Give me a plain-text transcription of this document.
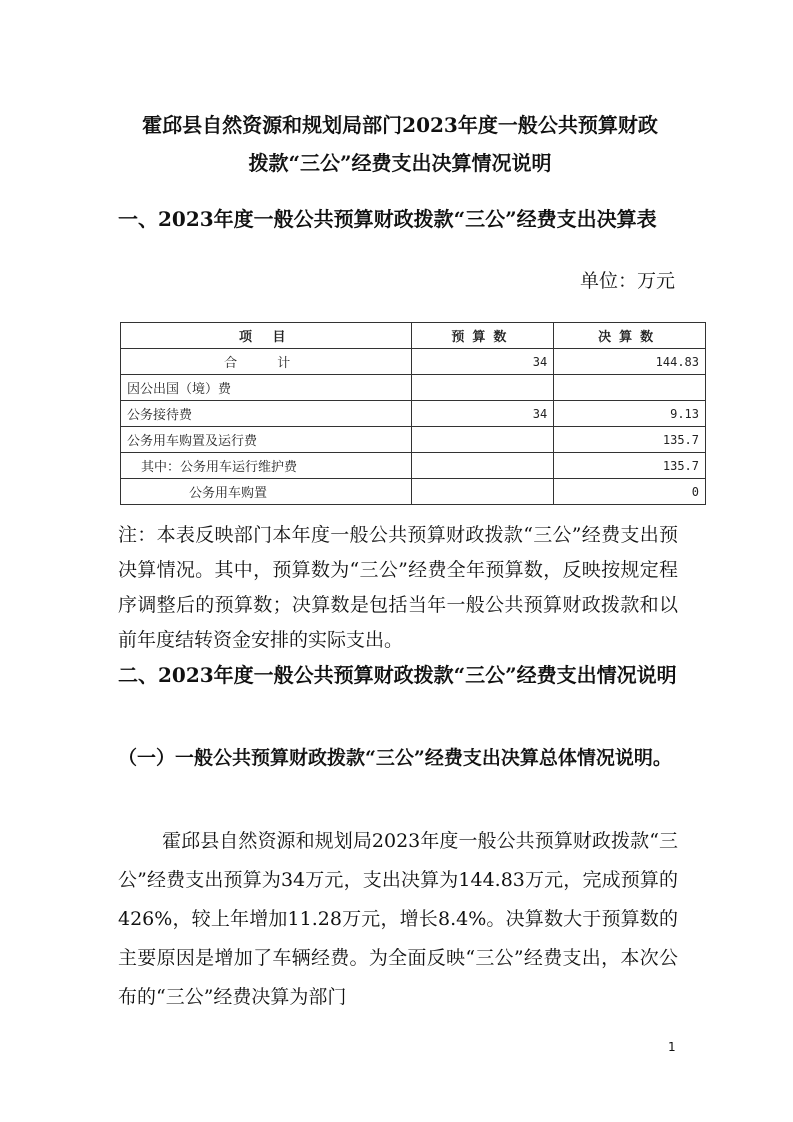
霍邱县自然资源和规划局部门2023年度一般公共预算财政
拨款“三公”经费支出决算情况说明
一、2023年度一般公共预算财政拨款“三公”经费支出决算表
单位：万元
项 目	预算数	决算数
合 计	34	144.83
因公出国（境）费		
公务接待费	34	9.13
公务用车购置及运行费		135.7
其中：公务用车运行维护费		135.7
公务用车购置		0
注：本表反映部门本年度一般公共预算财政拨款“三公”经费支出预决算情况。其中，预算数为“三公”经费全年预算数，反映按规定程序调整后的预算数；决算数是包括当年一般公共预算财政拨款和以前年度结转资金安排的实际支出。
二、2023年度一般公共预算财政拨款“三公”经费支出情况说明
（一）一般公共预算财政拨款“三公”经费支出决算总体情况说明。
霍邱县自然资源和规划局2023年度一般公共预算财政拨款“三公”经费支出预算为34万元，支出决算为144.83万元，完成预算的426%，较上年增加11.28万元，增长8.4%。决算数大于预算数的主要原因是增加了车辆经费。为全面反映“三公”经费支出，本次公布的“三公”经费决算为部门
1
